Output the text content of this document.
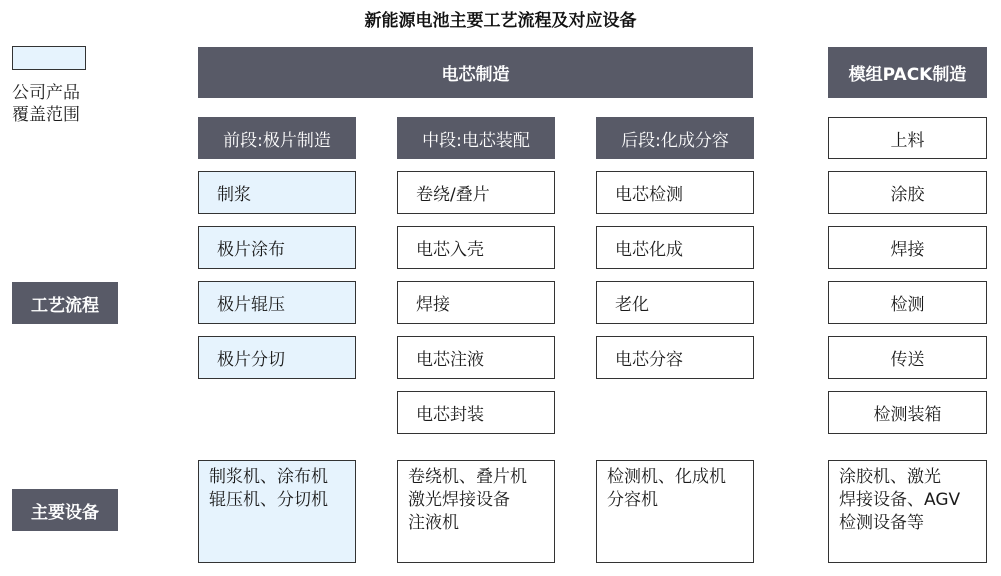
新能源电池主要工艺流程及对应设备
公司产品
覆盖范围
电芯制造	模组PACK制造
工艺流程
主要设备
前段:极片制造	中段:电芯装配	后段:化成分容	上料
制浆
极片涂布
极片辊压
极片分切
卷绕/叠片
电芯入壳
焊接
电芯注液
电芯封装
电芯检测
电芯化成
老化
电芯分容
涂胶
焊接
检测
传送
检测装箱
制浆机、涂布机
辊压机、分切机
卷绕机、叠片机
激光焊接设备
注液机
检测机、化成机
分容机
涂胶机、激光
焊接设备、AGV
检测设备等
